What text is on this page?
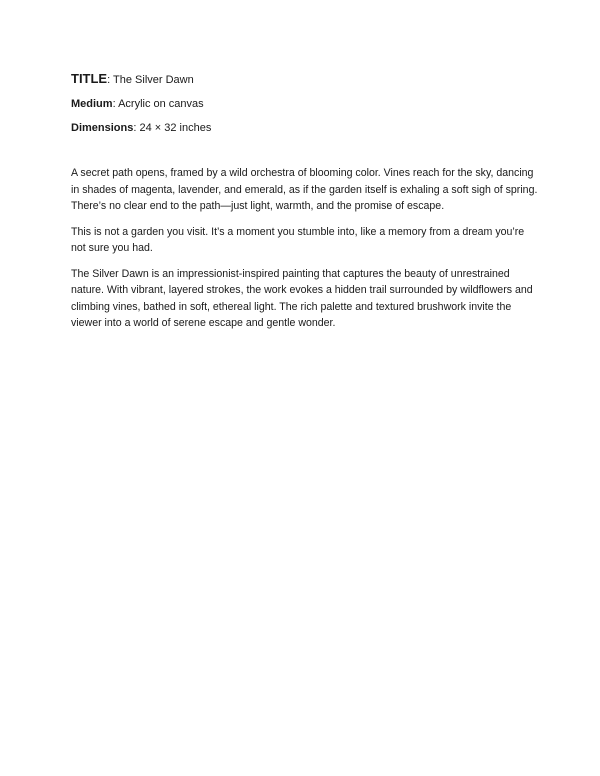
TITLE: The Silver Dawn

Medium: Acrylic on canvas

Dimensions: 24 × 32 inches

A secret path opens, framed by a wild orchestra of blooming color. Vines reach for the sky, dancing in shades of magenta, lavender, and emerald, as if the garden itself is exhaling a soft sigh of spring. There’s no clear end to the path—just light, warmth, and the promise of escape.

This is not a garden you visit. It’s a moment you stumble into, like a memory from a dream you’re not sure you had.

The Silver Dawn is an impressionist-inspired painting that captures the beauty of unrestrained nature. With vibrant, layered strokes, the work evokes a hidden trail surrounded by wildflowers and climbing vines, bathed in soft, ethereal light. The rich palette and textured brushwork invite the viewer into a world of serene escape and gentle wonder.
